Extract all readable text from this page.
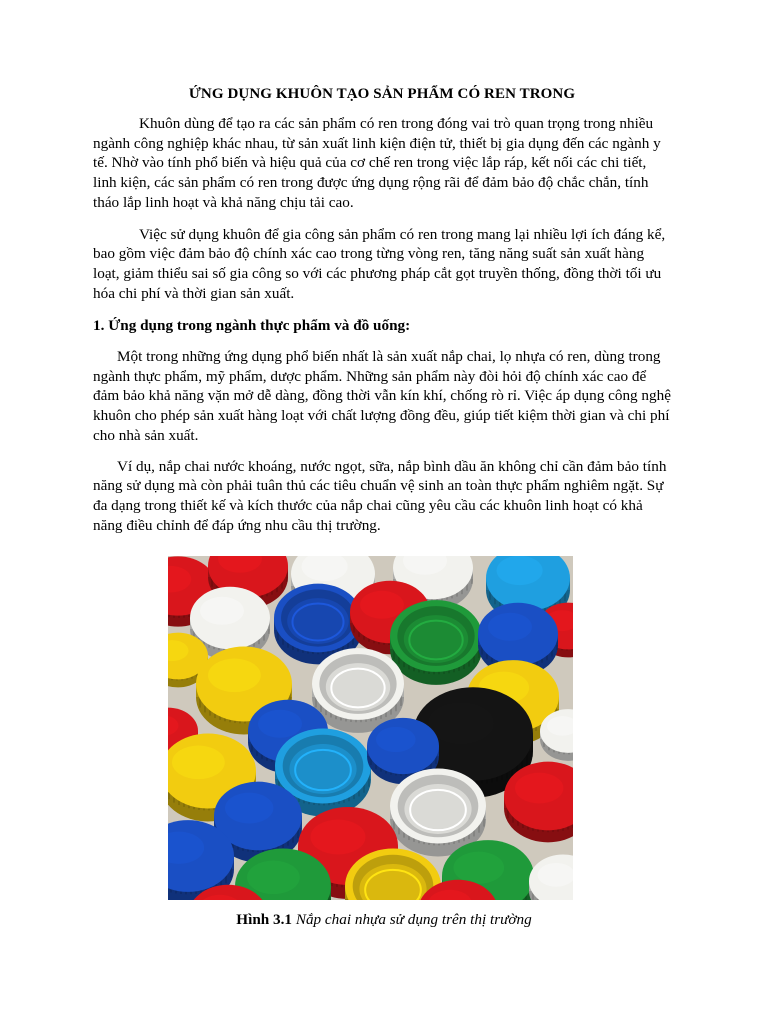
ỨNG DỤNG KHUÔN TẠO SẢN PHẨM CÓ REN TRONG

Khuôn dùng để tạo ra các sản phẩm có ren trong đóng vai trò quan trọng trong nhiều ngành công nghiệp khác nhau, từ sản xuất linh kiện điện tử, thiết bị gia dụng đến các ngành y tế. Nhờ vào tính phổ biến và hiệu quả của cơ chế ren trong việc lắp ráp, kết nối các chi tiết, linh kiện, các sản phẩm có ren trong được ứng dụng rộng rãi để đảm bảo độ chắc chắn, tính tháo lắp linh hoạt và khả năng chịu tải cao.

Việc sử dụng khuôn để gia công sản phẩm có ren trong mang lại nhiều lợi ích đáng kể, bao gồm việc đảm bảo độ chính xác cao trong từng vòng ren, tăng năng suất sản xuất hàng loạt, giảm thiểu sai số gia công so với các phương pháp cắt gọt truyền thống, đồng thời tối ưu hóa chi phí và thời gian sản xuất.

1. Ứng dụng trong ngành thực phẩm và đồ uống:

Một trong những ứng dụng phổ biến nhất là sản xuất nắp chai, lọ nhựa có ren, dùng trong ngành thực phẩm, mỹ phẩm, dược phẩm. Những sản phẩm này đòi hỏi độ chính xác cao để đảm bảo khả năng vặn mở dễ dàng, đồng thời vẫn kín khí, chống rò rỉ. Việc áp dụng công nghệ khuôn cho phép sản xuất hàng loạt với chất lượng đồng đều, giúp tiết kiệm thời gian và chi phí cho nhà sản xuất.

Ví dụ, nắp chai nước khoáng, nước ngọt, sữa, nắp bình dầu ăn không chỉ cần đảm bảo tính năng sử dụng mà còn phải tuân thủ các tiêu chuẩn vệ sinh an toàn thực phẩm nghiêm ngặt. Sự đa dạng trong thiết kế và kích thước của nắp chai cũng yêu cầu các khuôn linh hoạt có khả năng điều chỉnh để đáp ứng nhu cầu thị trường.

Hình 3.1 Nắp chai nhựa sử dụng trên thị trường
